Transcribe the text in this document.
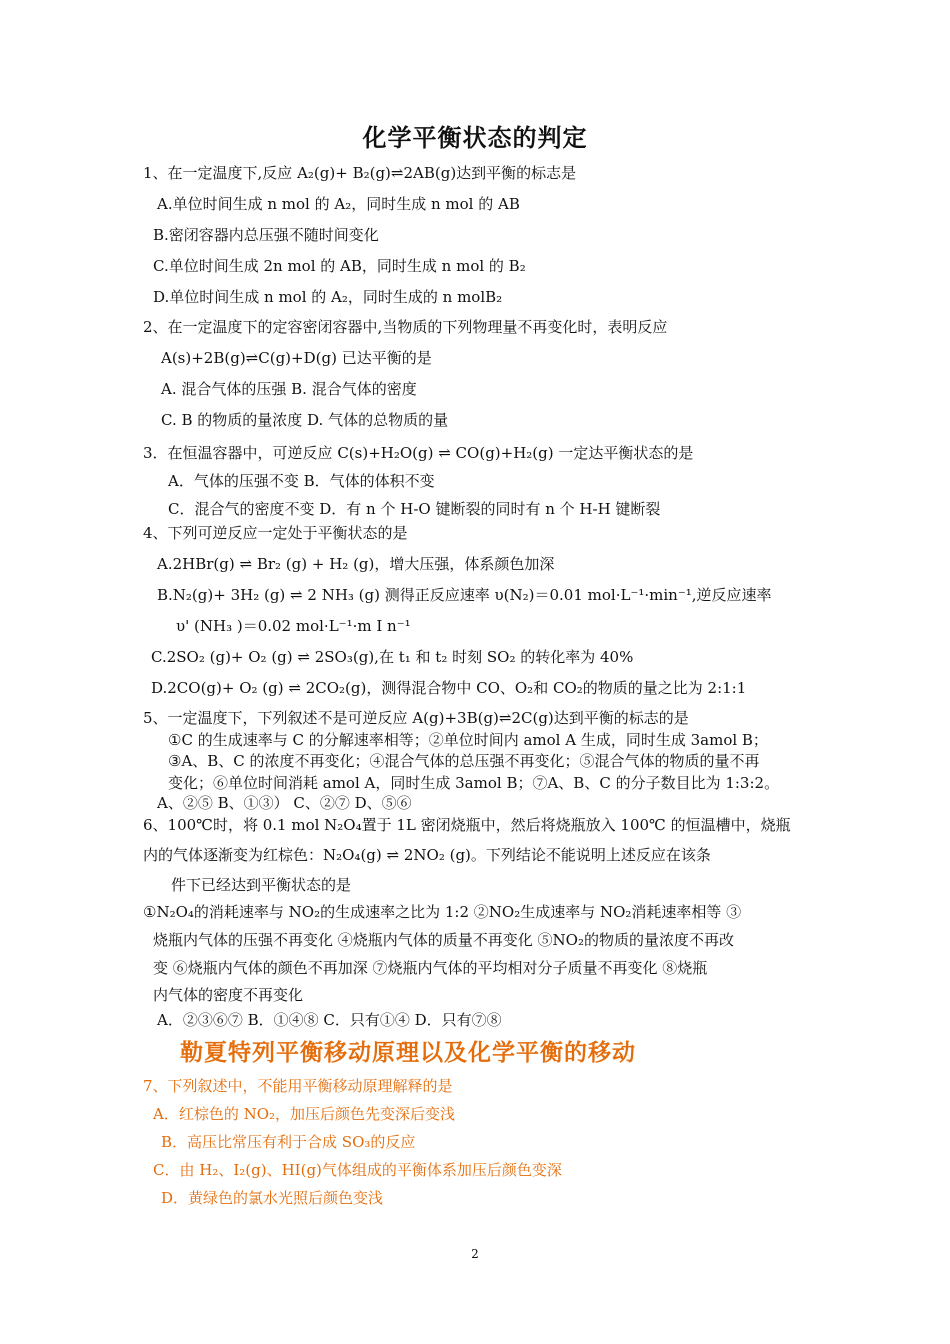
化学平衡状态的判定
1、在一定温度下,反应 A₂(g)+ B₂(g)⇌2AB(g)达到平衡的标志是
A.单位时间生成 n mol 的 A₂，同时生成 n mol 的 AB
B.密闭容器内总压强不随时间变化
C.单位时间生成 2n mol 的 AB，同时生成 n mol 的 B₂
D.单位时间生成 n mol 的 A₂，同时生成的 n molB₂
2、在一定温度下的定容密闭容器中,当物质的下列物理量不再变化时，表明反应
A(s)+2B(g)⇌C(g)+D(g) 已达平衡的是
A. 混合气体的压强 B. 混合气体的密度
C. B 的物质的量浓度 D. 气体的总物质的量
3．在恒温容器中，可逆反应 C(s)+H₂O(g) ⇌ CO(g)+H₂(g) 一定达平衡状态的是
A．气体的压强不变 B．气体的体积不变
C．混合气的密度不变 D．有 n 个 H-O 键断裂的同时有 n 个 H-H 键断裂
4、下列可逆反应一定处于平衡状态的是
A.2HBr(g) ⇌ Br₂ (g) + H₂ (g)，增大压强，体系颜色加深
B.N₂(g)+ 3H₂ (g) ⇌ 2 NH₃ (g) 测得正反应速率 υ(N₂)＝0.01 mol·L⁻¹·min⁻¹,逆反应速率
υ' (NH₃ )＝0.02 mol·L⁻¹·m I n⁻¹
C.2SO₂ (g)+ O₂ (g) ⇌ 2SO₃(g),在 t₁ 和 t₂ 时刻 SO₂ 的转化率为 40%
D.2CO(g)+ O₂ (g) ⇌ 2CO₂(g)，测得混合物中 CO、O₂和 CO₂的物质的量之比为 2:1:1
5、一定温度下，下列叙述不是可逆反应 A(g)+3B(g)⇌2C(g)达到平衡的标志的是
①C 的生成速率与 C 的分解速率相等；②单位时间内 amol A 生成，同时生成 3amol B；
③A、B、C 的浓度不再变化；④混合气体的总压强不再变化；⑤混合气体的物质的量不再
变化；⑥单位时间消耗 amol A，同时生成 3amol B；⑦A、B、C 的分子数目比为 1:3:2。
A、②⑤ B、①③） C、②⑦ D、⑤⑥
6、100℃时，将 0.1 mol N₂O₄置于 1L 密闭烧瓶中，然后将烧瓶放入 100℃ 的恒温槽中，烧瓶
内的气体逐渐变为红棕色：N₂O₄(g) ⇌ 2NO₂ (g)。下列结论不能说明上述反应在该条
件下已经达到平衡状态的是
①N₂O₄的消耗速率与 NO₂的生成速率之比为 1:2 ②NO₂生成速率与 NO₂消耗速率相等 ③
烧瓶内气体的压强不再变化 ④烧瓶内气体的质量不再变化 ⑤NO₂的物质的量浓度不再改
变 ⑥烧瓶内气体的颜色不再加深 ⑦烧瓶内气体的平均相对分子质量不再变化 ⑧烧瓶
内气体的密度不再变化
A．②③⑥⑦ B．①④⑧ C．只有①④ D．只有⑦⑧
勒夏特列平衡移动原理以及化学平衡的移动
7、下列叙述中，不能用平衡移动原理解释的是
A．红棕色的 NO₂，加压后颜色先变深后变浅
B．高压比常压有利于合成 SO₃的反应
C．由 H₂、I₂(g)、HI(g)气体组成的平衡体系加压后颜色变深
D．黄绿色的氯水光照后颜色变浅
2
